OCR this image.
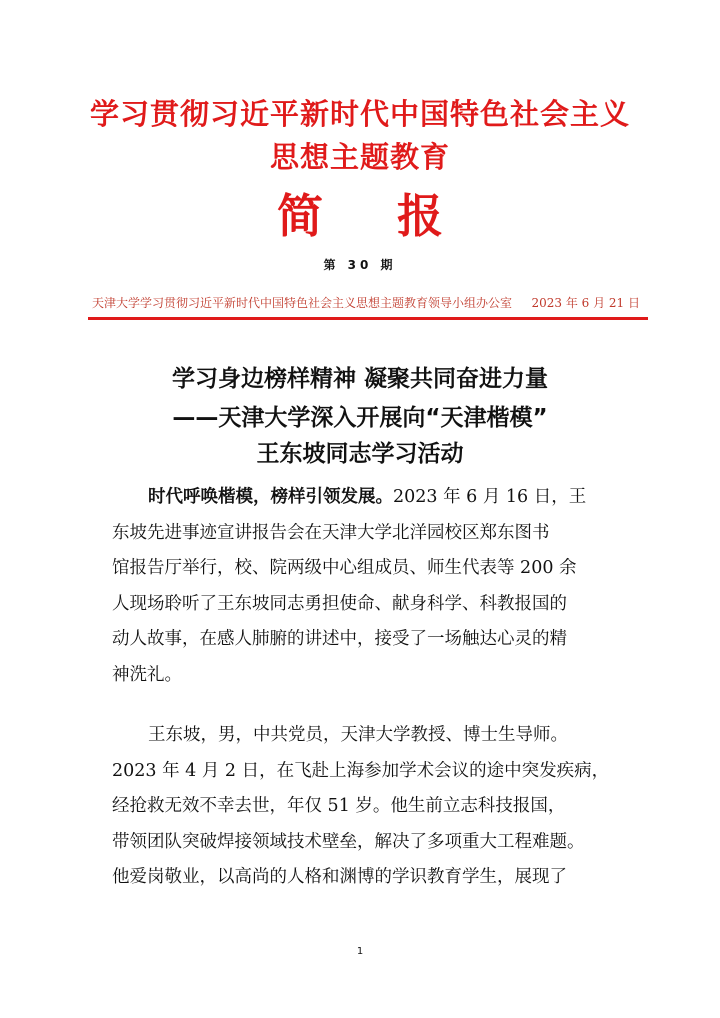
学习贯彻习近平新时代中国特色社会主义
思想主题教育
简 报
第 30 期
天津大学学习贯彻习近平新时代中国特色社会主义思想主题教育领导小组办公室 2023 年 6 月 21 日
学习身边榜样精神 凝聚共同奋进力量
——天津大学深入开展向“天津楷模”
王东坡同志学习活动
时代呼唤楷模，榜样引领发展。2023 年 6 月 16 日，王
东坡先进事迹宣讲报告会在天津大学北洋园校区郑东图书
馆报告厅举行，校、院两级中心组成员、师生代表等 200 余
人现场聆听了王东坡同志勇担使命、献身科学、科教报国的
动人故事，在感人肺腑的讲述中，接受了一场触达心灵的精
神洗礼。
王东坡，男，中共党员，天津大学教授、博士生导师。
2023 年 4 月 2 日，在飞赴上海参加学术会议的途中突发疾病，
经抢救无效不幸去世，年仅 51 岁。他生前立志科技报国，
带领团队突破焊接领域技术壁垒，解决了多项重大工程难题。
他爱岗敬业，以高尚的人格和渊博的学识教育学生，展现了
1
